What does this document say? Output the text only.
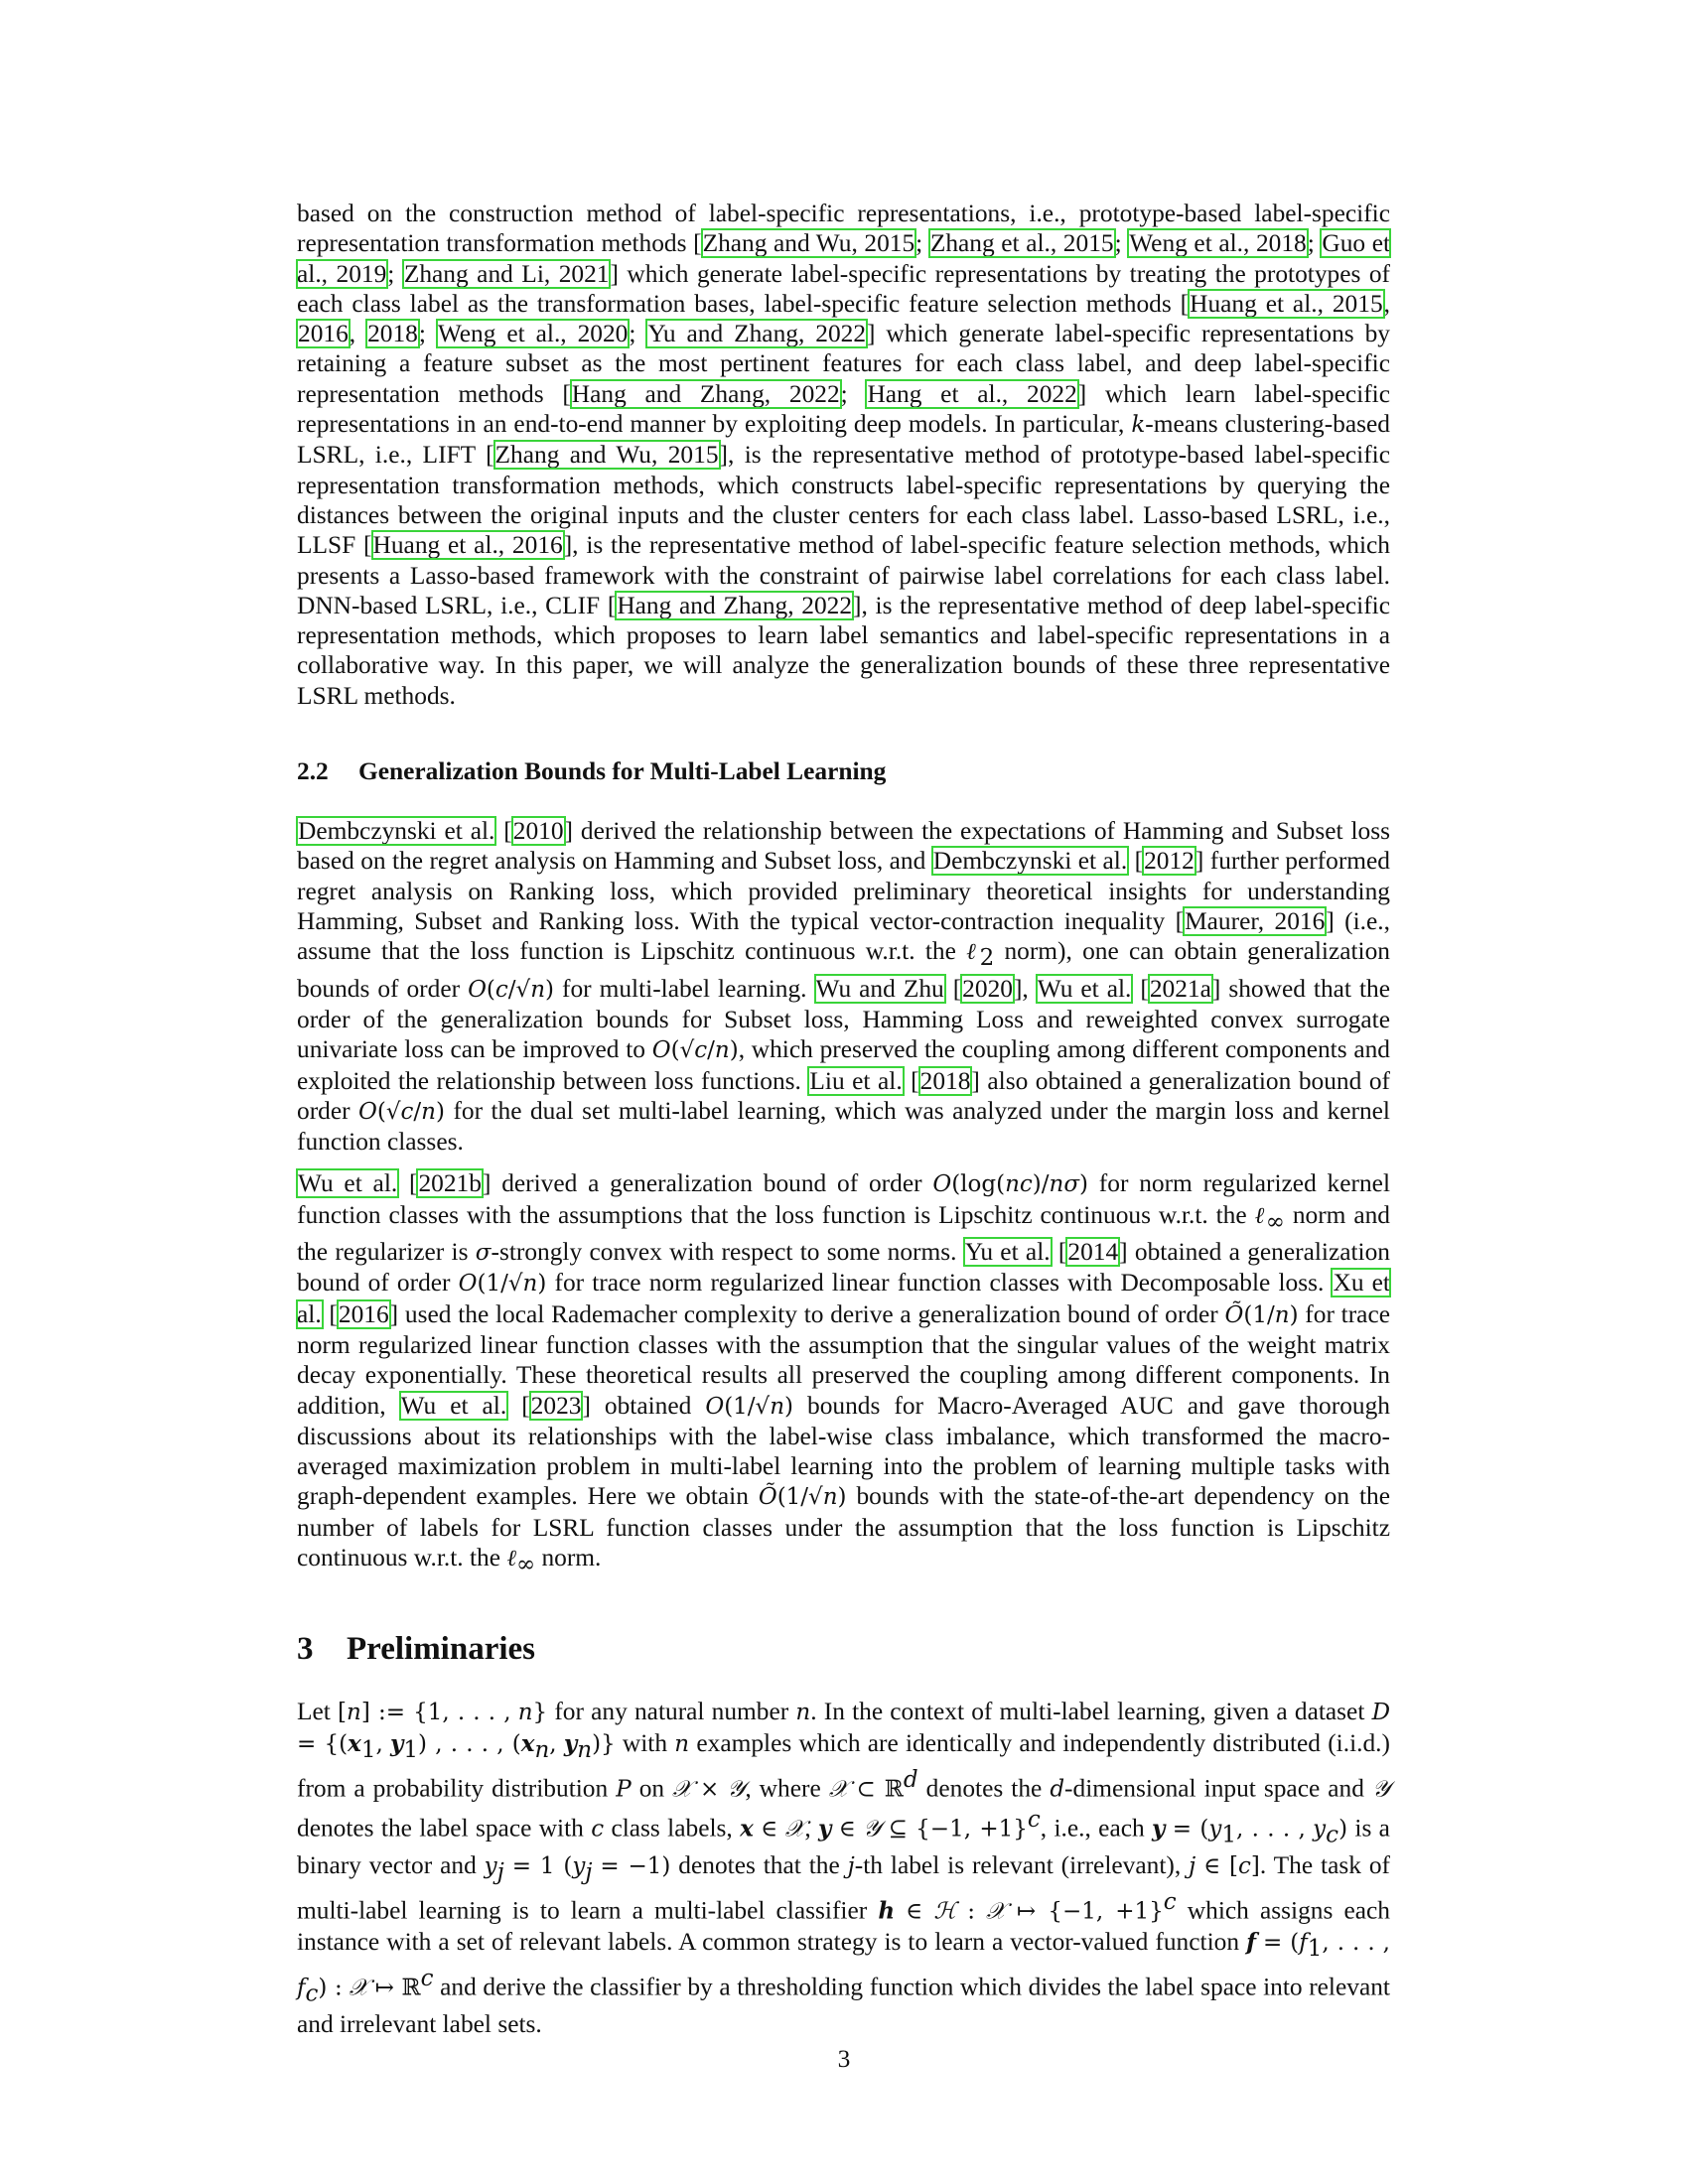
based on the construction method of label-specific representations, i.e., prototype-based label-specific representation transformation methods [Zhang and Wu, 2015; Zhang et al., 2015; Weng et al., 2018; Guo et al., 2019; Zhang and Li, 2021] which generate label-specific representations by treating the prototypes of each class label as the transformation bases, label-specific feature selection methods [Huang et al., 2015, 2016, 2018; Weng et al., 2020; Yu and Zhang, 2022] which generate label-specific representations by retaining a feature subset as the most pertinent features for each class label, and deep label-specific representation methods [Hang and Zhang, 2022; Hang et al., 2022] which learn label-specific representations in an end-to-end manner by exploiting deep models. In particular, k-means clustering-based LSRL, i.e., LIFT [Zhang and Wu, 2015], is the representative method of prototype-based label-specific representation transformation methods, which constructs label-specific representations by querying the distances between the original inputs and the cluster centers for each class label. Lasso-based LSRL, i.e., LLSF [Huang et al., 2016], is the representative method of label-specific feature selection methods, which presents a Lasso-based framework with the constraint of pairwise label correlations for each class label. DNN-based LSRL, i.e., CLIF [Hang and Zhang, 2022], is the representative method of deep label-specific representation methods, which proposes to learn label semantics and label-specific representations in a collaborative way. In this paper, we will analyze the generalization bounds of these three representative LSRL methods.

2.2 Generalization Bounds for Multi-Label Learning

Dembczynski et al. [2010] derived the relationship between the expectations of Hamming and Subset loss based on the regret analysis on Hamming and Subset loss, and Dembczynski et al. [2012] further performed regret analysis on Ranking loss, which provided preliminary theoretical insights for understanding Hamming, Subset and Ranking loss. With the typical vector-contraction inequality [Maurer, 2016] (i.e., assume that the loss function is Lipschitz continuous w.r.t. the ℓ$_2$ norm), one can obtain generalization bounds of order O(c/√n) for multi-label learning. Wu and Zhu [2020], Wu et al. [2021a] showed that the order of the generalization bounds for Subset loss, Hamming Loss and reweighted convex surrogate univariate loss can be improved to O(√c/n), which preserved the coupling among different components and exploited the relationship between loss functions. Liu et al. [2018] also obtained a generalization bound of order O(√c/n) for the dual set multi-label learning, which was analyzed under the margin loss and kernel function classes.

Wu et al. [2021b] derived a generalization bound of order O(log(nc)/nσ) for norm regularized kernel function classes with the assumptions that the loss function is Lipschitz continuous w.r.t. the ℓ$_\infty$ norm and the regularizer is σ-strongly convex with respect to some norms. Yu et al. [2014] obtained a generalization bound of order O(1/√n) for trace norm regularized linear function classes with Decomposable loss. Xu et al. [2016] used the local Rademacher complexity to derive a generalization bound of order Õ(1/n) for trace norm regularized linear function classes with the assumption that the singular values of the weight matrix decay exponentially. These theoretical results all preserved the coupling among different components. In addition, Wu et al. [2023] obtained O(1/√n) bounds for Macro-Averaged AUC and gave thorough discussions about its relationships with the label-wise class imbalance, which transformed the macro-averaged maximization problem in multi-label learning into the problem of learning multiple tasks with graph-dependent examples. Here we obtain Õ(1/√n) bounds with the state-of-the-art dependency on the number of labels for LSRL function classes under the assumption that the loss function is Lipschitz continuous w.r.t. the ℓ$_\infty$ norm.

3 Preliminaries

Let [n] := {1, . . . , n} for any natural number n. In the context of multi-label learning, given a dataset $D = \{(x_1$, $y_1$) , . . . , ($x_n$, $y_n$)} with n examples which are identically and independently distributed (i.i.d.) from a probability distribution P on 𝒳 × 𝒴, where 𝒳 ⊂ ℝ$^d$ denotes the d-dimensional input space and 𝒴 denotes the label space with c class labels, x ∈ 𝒳, y ∈ 𝒴 ⊆ {−1, +1}$^c$, i.e., each $y = (y_1$, . . . , $y_c$) is a binary vector and $y_j = 1$ $(y_j = -1)$ denotes that the j-th label is relevant (irrelevant), j ∈ [c]. The task of multi-label learning is to learn a multi-label classifier h ∈ ℋ : 𝒳 ↦ {−1, +1}$^c$ which assigns each instance with a set of relevant labels. A common strategy is to learn a vector-valued function $f = (f_1$, . . . , $f_c$) : 𝒳 ↦ ℝ$^c$ and derive the classifier by a thresholding function which divides the label space into relevant and irrelevant label sets.

3
